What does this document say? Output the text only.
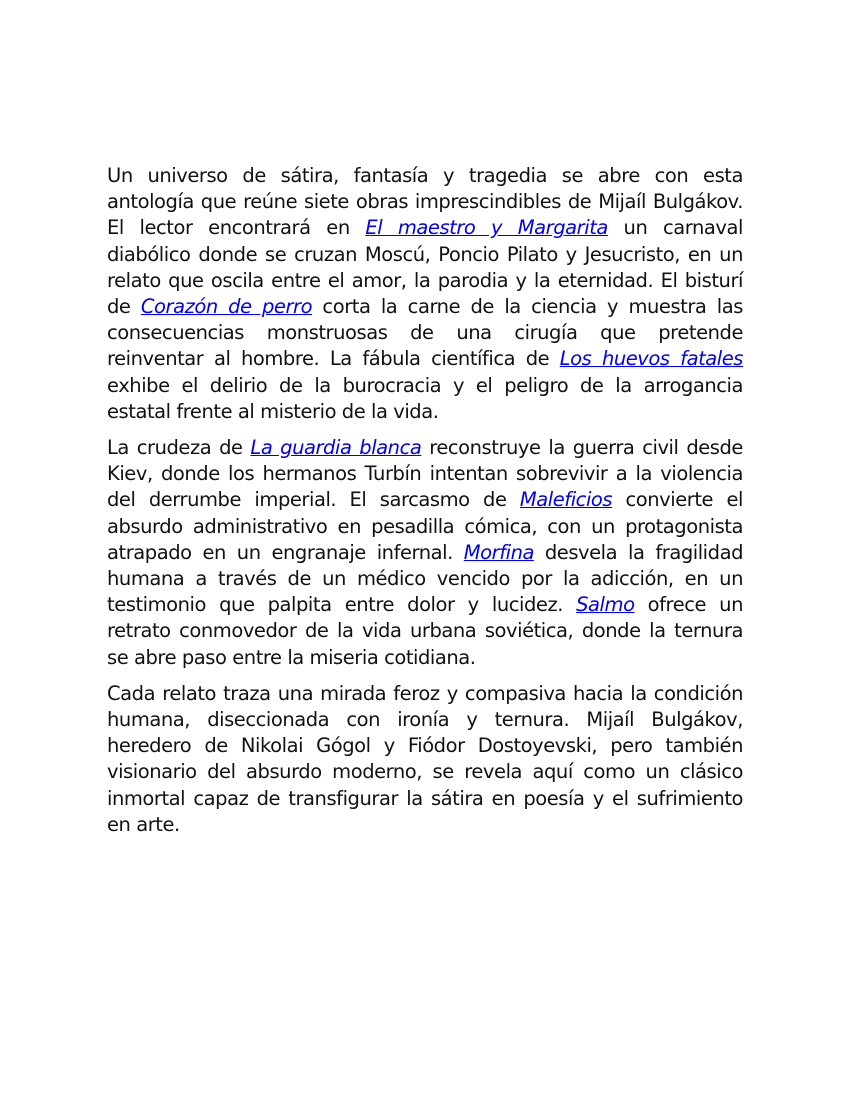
Un universo de sátira, fantasía y tragedia se abre con esta antología que reúne siete obras imprescindibles de Mijaíl Bulgákov. El lector encontrará en El maestro y Margarita un carnaval diabólico donde se cruzan Moscú, Poncio Pilato y Jesucristo, en un relato que oscila entre el amor, la parodia y la eternidad. El bisturí de Corazón de perro corta la carne de la ciencia y muestra las consecuencias monstruosas de una cirugía que pretende reinventar al hombre. La fábula científica de Los huevos fatales exhibe el delirio de la burocracia y el peligro de la arrogancia estatal frente al misterio de la vida.

La crudeza de La guardia blanca reconstruye la guerra civil desde Kiev, donde los hermanos Turbín intentan sobrevivir a la violencia del derrumbe imperial. El sarcasmo de Maleficios convierte el absurdo administrativo en pesadilla cómica, con un protagonista atrapado en un engranaje infernal. Morfina desvela la fragilidad humana a través de un médico vencido por la adicción, en un testimonio que palpita entre dolor y lucidez. Salmo ofrece un retrato conmovedor de la vida urbana soviética, donde la ternura se abre paso entre la miseria cotidiana.

Cada relato traza una mirada feroz y compasiva hacia la condición humana, diseccionada con ironía y ternura. Mijaíl Bulgákov, heredero de Nikolai Gógol y Fiódor Dostoyevski, pero también visionario del absurdo moderno, se revela aquí como un clásico inmortal capaz de transfigurar la sátira en poesía y el sufrimiento en arte.
